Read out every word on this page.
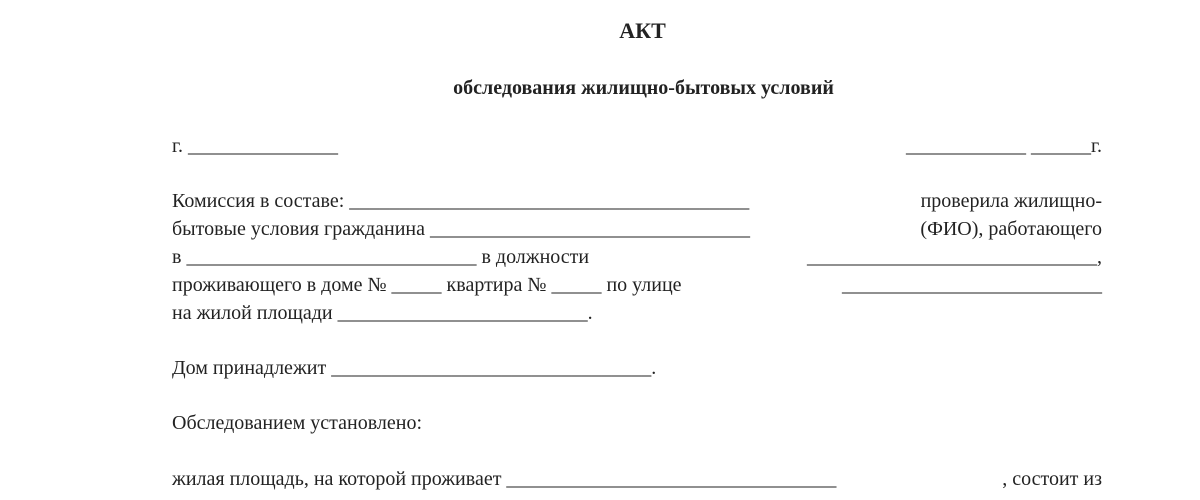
АКТ
обследования жилищно-бытовых условий
г. _______________	____________ ______г.
Комиссия в составе: ________________________________________	проверила жилищно-
бытовые условия гражданина ________________________________	(ФИО), работающего
в _____________________________ в должности	_____________________________,
проживающего в доме № _____ квартира № _____ по улице	__________________________
на жилой площади _________________________.
Дом принадлежит ________________________________.
Обследованием установлено:
жилая площадь, на которой проживает _________________________________	, состоит из
